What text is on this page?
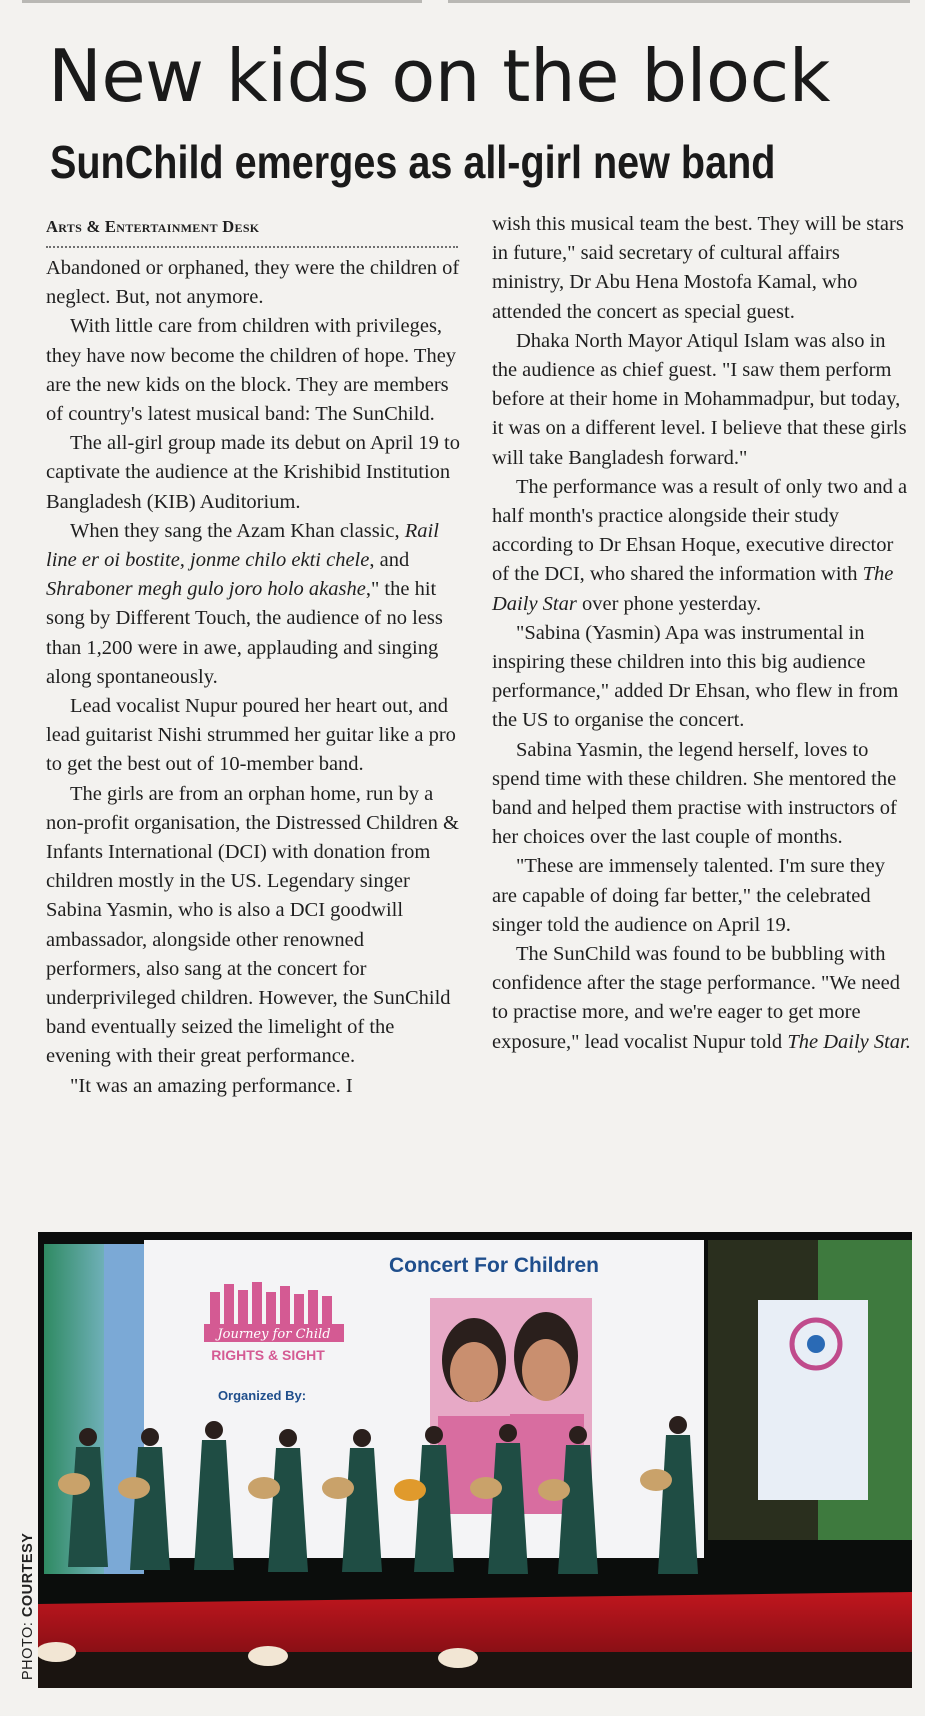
New kids on the block
SunChild emerges as all-girl new band
Arts & Entertainment Desk

Abandoned or orphaned, they were the children of neglect. But, not anymore.

With little care from children with privileges, they have now become the children of hope. They are the new kids on the block. They are members of country's latest musical band: The SunChild.

The all-girl group made its debut on April 19 to captivate the audience at the Krishibid Institution Bangladesh (KIB) Auditorium.

When they sang the Azam Khan classic, Rail line er oi bostite, jonme chilo ekti chele, and Shraboner megh gulo joro holo akashe," the hit song by Different Touch, the audience of no less than 1,200 were in awe, applauding and singing along spontaneously.

Lead vocalist Nupur poured her heart out, and lead guitarist Nishi strummed her guitar like a pro to get the best out of 10-member band.

The girls are from an orphan home, run by a non-profit organisation, the Distressed Children & Infants International (DCI) with donation from children mostly in the US. Legendary singer Sabina Yasmin, who is also a DCI goodwill ambassador, alongside other renowned performers, also sang at the concert for underprivileged children. However, the SunChild band eventually seized the limelight of the evening with their great performance.

"It was an amazing performance. I

wish this musical team the best. They will be stars in future," said secretary of cultural affairs ministry, Dr Abu Hena Mostofa Kamal, who attended the concert as special guest.

Dhaka North Mayor Atiqul Islam was also in the audience as chief guest. "I saw them perform before at their home in Mohammadpur, but today, it was on a different level. I believe that these girls will take Bangladesh forward."

The performance was a result of only two and a half month's practice alongside their study according to Dr Ehsan Hoque, executive director of the DCI, who shared the information with The Daily Star over phone yesterday.

"Sabina (Yasmin) Apa was instrumental in inspiring these children into this big audience performance," added Dr Ehsan, who flew in from the US to organise the concert.

Sabina Yasmin, the legend herself, loves to spend time with these children. She mentored the band and helped them practise with instructors of her choices over the last couple of months.

"These are immensely talented. I'm sure they are capable of doing far better," the celebrated singer told the audience on April 19.

The SunChild was found to be bubbling with confidence after the stage performance. "We need to practise more, and we're eager to get more exposure," lead vocalist Nupur told The Daily Star.

Concert For Children
Journey for Child
RIGHTS & SIGHT
Organized By:
PHOTO: COURTESY
